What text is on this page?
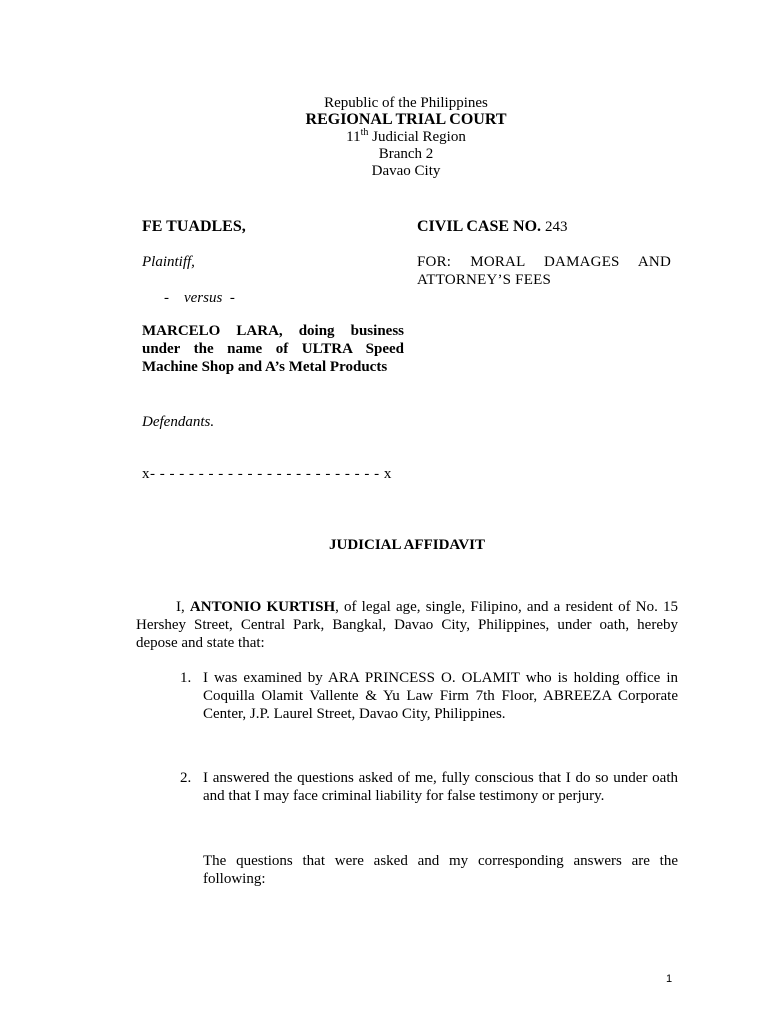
Republic of the Philippines
REGIONAL TRIAL COURT
11th Judicial Region
Branch 2
Davao City
FE TUADLES,
Plaintiff,
-    versus  -
MARCELO LARA, doing business under the name of ULTRA Speed Machine Shop and A’s Metal Products
Defendants.
CIVIL CASE NO. 243
FOR: MORAL DAMAGES AND ATTORNEY’S FEES
x- - - - - - - - - - - - - - - - - - - - - - - - x
JUDICIAL AFFIDAVIT
I, ANTONIO KURTISH, of legal age, single, Filipino, and a resident of No. 15 Hershey Street, Central Park, Bangkal, Davao City, Philippines, under oath, hereby depose and state that:
1. I was examined by ARA PRINCESS O. OLAMIT who is holding office in Coquilla Olamit Vallente & Yu Law Firm 7th Floor, ABREEZA Corporate Center, J.P. Laurel Street, Davao City, Philippines.
2. I answered the questions asked of me, fully conscious that I do so under oath and that I may face criminal liability for false testimony or perjury.
The questions that were asked and my corresponding answers are the following:
1
